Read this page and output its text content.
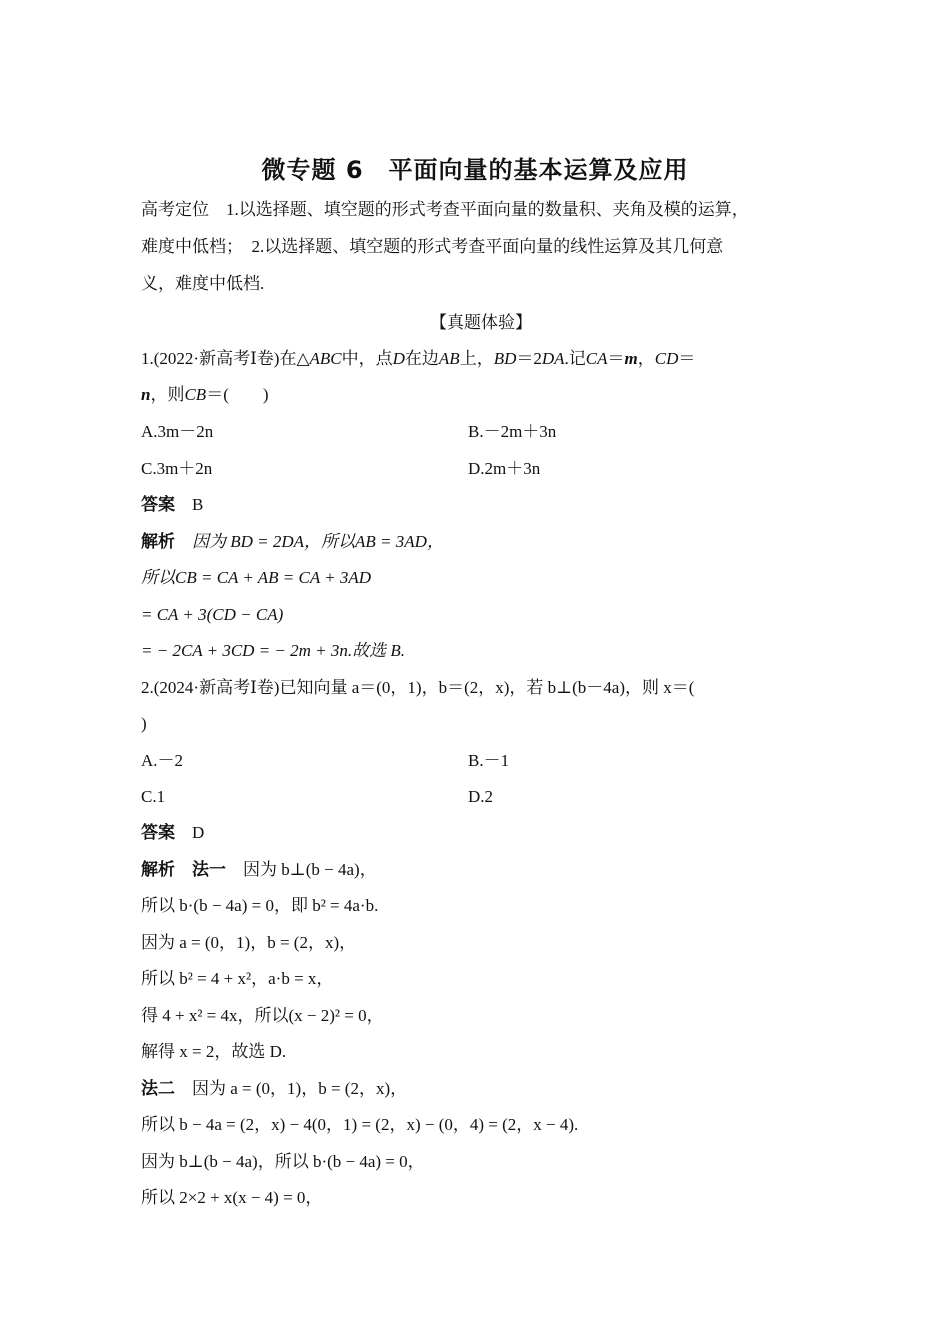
微专题 6　平面向量的基本运算及应用
高考定位　1.以选择题、填空题的形式考查平面向量的数量积、夹角及模的运算，
难度中低档；　2.以选择题、填空题的形式考查平面向量的线性运算及其几何意
义，难度中低档.
【真题体验】
1.(2022·新高考Ⅰ卷)在△ABC中，点D在边AB上，BD＝2DA.记CA＝m，CD＝
n，则CB＝(　　)
A.3m－2n	B.－2m＋3n
C.3m＋2n	D.2m＋3n
答案　 B
解析　 因为 BD = 2DA，所以AB = 3AD，
所以CB = CA + AB = CA + 3AD
= CA + 3(CD − CA)
= − 2CA + 3CD = − 2m + 3n.故选 B.
2.(2024·新高考Ⅰ卷)已知向量 a＝(0，1)，b＝(2，x)，若 b⊥(b－4a)，则 x＝(
)
A.－2	B.－1
C.1	D.2
答案　 D
解析　 法一　 因为 b⊥(b − 4a)，
所以 b·(b − 4a) = 0，即 b² = 4a·b.
因为 a = (0，1)，b = (2，x)，
所以 b² = 4 + x²，a·b = x，
得 4 + x² = 4x，所以(x − 2)² = 0，
解得 x = 2，故选 D.
法二　 因为 a = (0，1)，b = (2，x)，
所以 b − 4a = (2，x) − 4(0，1) = (2，x) − (0，4) = (2，x − 4).
因为 b⊥(b − 4a)，所以 b·(b − 4a) = 0，
所以 2×2 + x(x − 4) = 0，
